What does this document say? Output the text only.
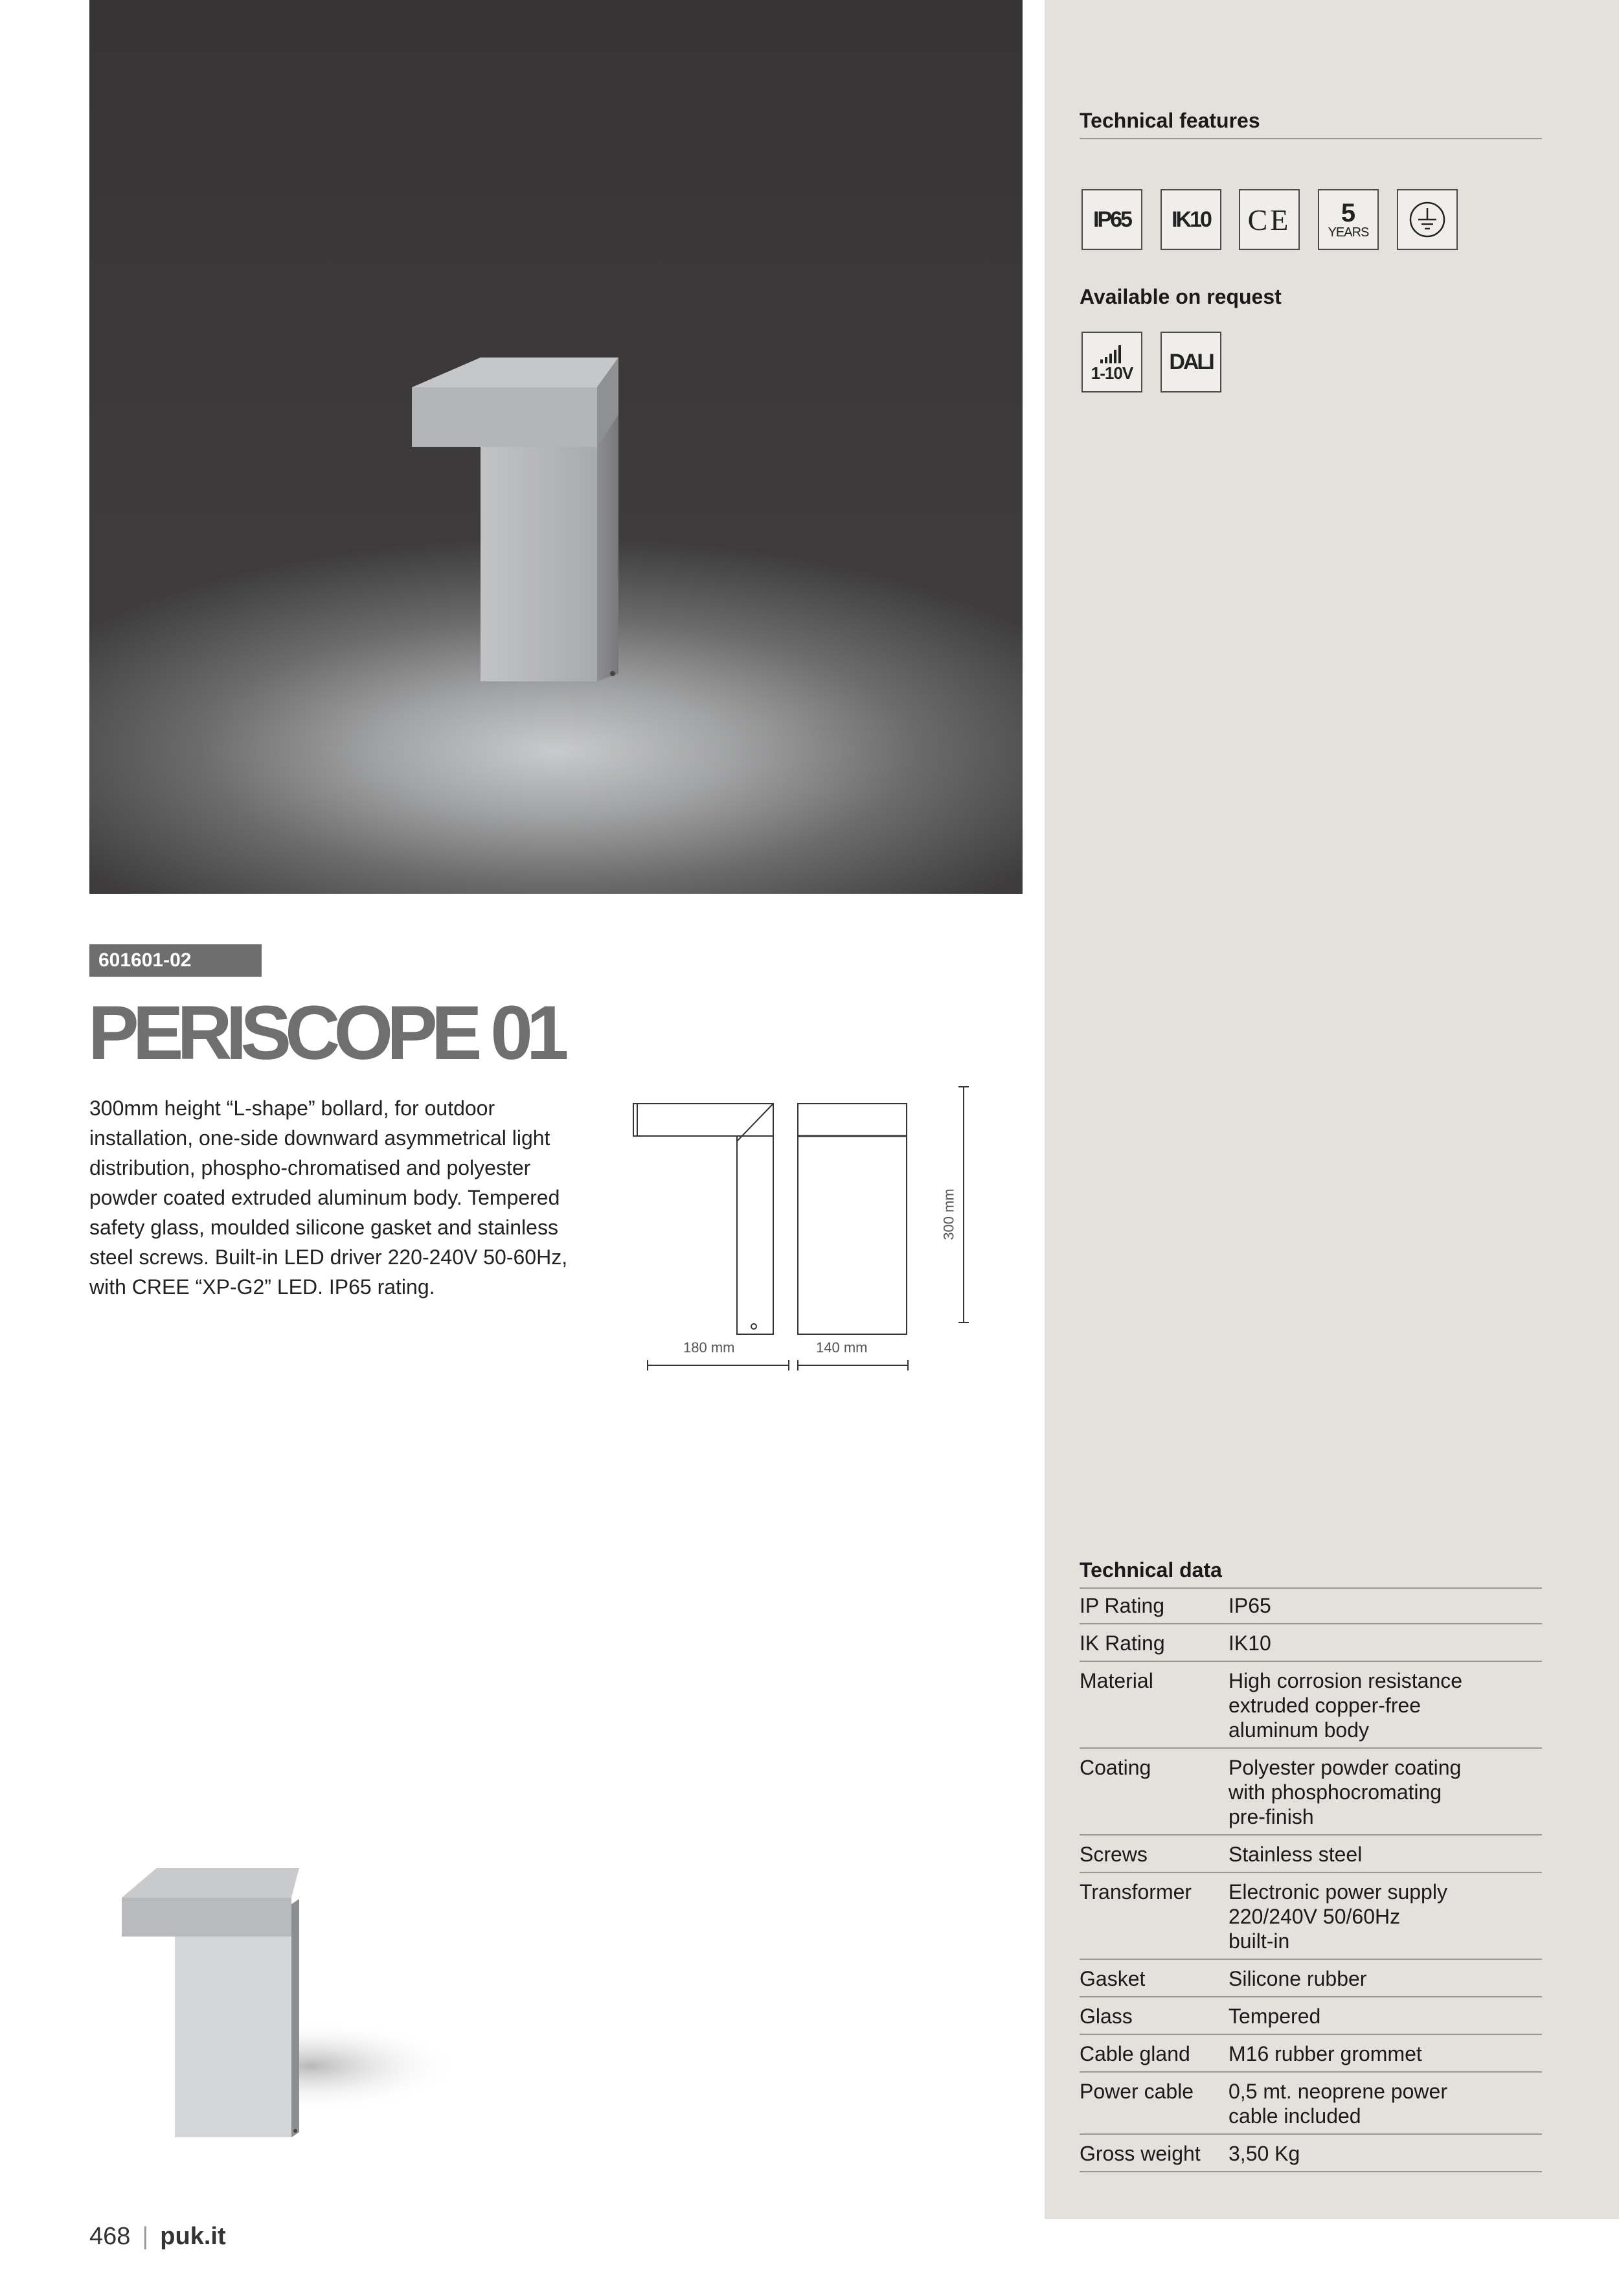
601601-02
PERISCOPE 01

300mm height “L-shape” bollard, for outdoor installation, one-side downward asymmetrical light distribution, phospho-chromatised and polyester powder coated extruded aluminum body. Tempered safety glass, moulded silicone gasket and stainless steel screws. Built-in LED driver 220-240V 50-60Hz, with CREE “XP-G2” LED. IP65 rating.

180 mm	140 mm
300 mm
Technical features
IP65 IK10 CE 5
YEARS
Available on request
1-10V DALI
Technical data
IP Rating	IP65
IK Rating	IK10
Material	High corrosion resistance
extruded copper-free
aluminum body
Coating	Polyester powder coating
with phosphocromating
pre-finish
Screws	Stainless steel
Transformer	Electronic power supply
220/240V 50/60Hz
built-in
Gasket	Silicone rubber
Glass	Tempered
Cable gland	M16 rubber grommet
Power cable	0,5 mt. neoprene power
cable included
Gross weight	3,50 Kg
468 | puk.it
